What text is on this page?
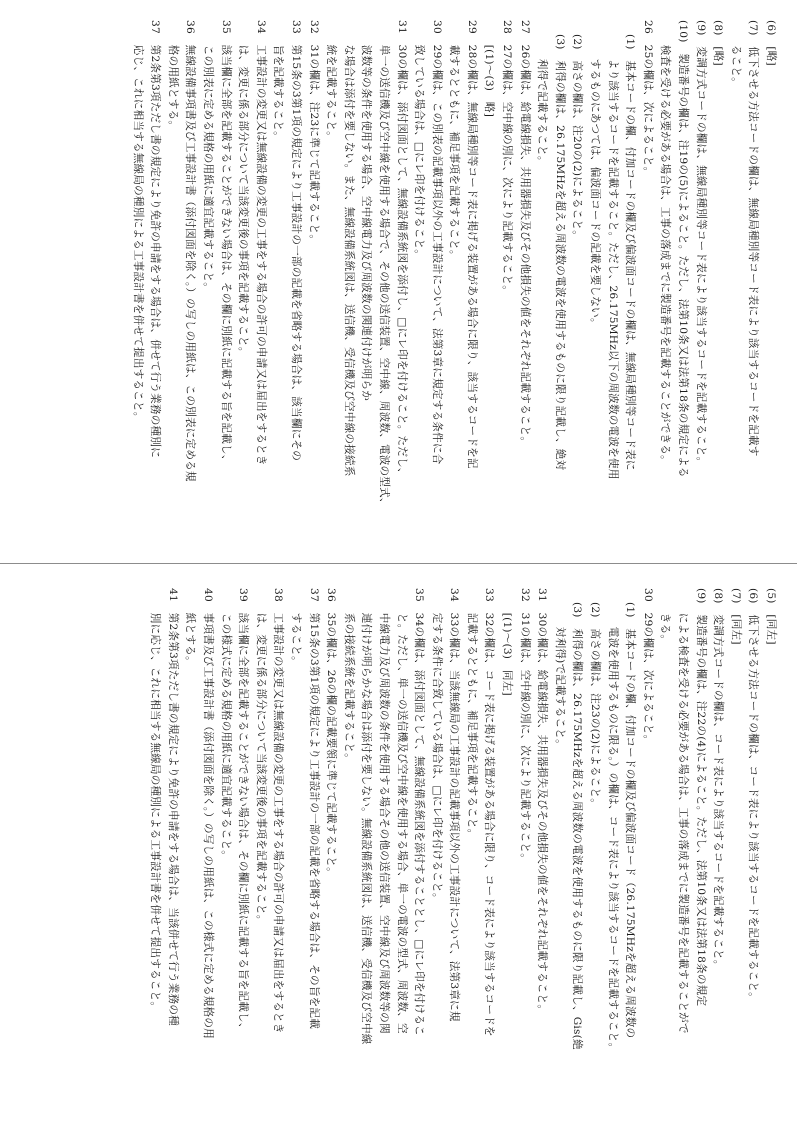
(6)　[略]
(7)　低下させる方法コードの欄は、無線局種別等コード表により該当するコードを記載す
　ること。
(8)　[略]
(9)　変調方式コードの欄は、無線局種別等コード表により該当するコードを記載すること。
(10)　製造番号の欄は、注19の(5)によること。ただし、法第10条又は法第18条の規定による
　検査を受ける必要がある場合は、工事の落成までに製造番号を記載することができる。
26　25の欄は、次によること。
(1)　基本コードの欄、付加コードの欄及び偏波面コードの欄は、無線局種別等コード表に
　より該当するコードを記載すること。ただし、26.175MHz以下の周波数の電波を使用
　するものにあつては、偏波面コードの記載を要しない。
(2)　高さの欄は、注20の(2)によること。
(3)　利得の欄は、26.175MHzを超える周波数の電波を使用するものに限り記載し、絶対
　利得で記載すること。
27　26の欄は、給電線損失、共用器損失及びその他損失の値をそれぞれ記載すること。
28　27の欄は、空中線の別に、次により記載すること。
　[(1)〜(3)　略]
29　28の欄は、無線局種別等コード表に掲げる装置がある場合に限り、該当するコードを記
　載するとともに、補足事項を記載すること。
30　29の欄は、この別表の記載事項以外の工事設計について、法第3章に規定する条件に合
　致している場合は、□にレ印を付けること。
31　30の欄は、添付図面として、無線設備系統図を添付し、□にレ印を付けること。ただし、
　単一の送信機及び空中線を使用する場合で、その他の送信装置、空中線、周波数、電波の型式、
　波数等の条件を使用する場合、空中線電力及び周波数の関連付けが明らか
　な場合は添付を要しない。また、無線設備系統図は、送信機、受信機及び空中線の接続系
　統を記載すること。
32　31の欄は、注23に準じて記載すること。
33　第15条の3第1項の規定により工事設計の一部の記載を省略する場合は、該当欄にその
　旨を記載すること。
34　工事設計の変更又は無線設備の変更の工事をする場合の許可の申請又は届出をするとき
　は、変更に係る部分について当該変更後の事項を記載すること。
35　該当欄に全部を記載することができない場合は、その欄に別紙に記載する旨を記載し、
　この別表に定める規格の用紙に適宜記載すること。
36　無線設備事項書及び工事設計書（添付図面を除く。）の写しの用紙は、この別表に定める規
　格の用紙とする。
37　第2条第3項ただし書の規定により免許の申請をする場合は、併せて行う業務の種別に
　応じ、これに相当する無線局の種別による工事設計書を併せて提出すること。
(5)　[同左]
(6)　低下させる方法コードの欄は、コード表により該当するコードを記載すること。
(7)　[同左]
(8)　変調方式コードの欄は、コード表により該当するコードを記載すること。
(9)　製造番号の欄は、注22の(4)によること。ただし、法第10条又は法第18条の規定
　による検査を受ける必要がある場合は、工事の落成までに製造番号を記載することがで
　きる。
30　29の欄は、次によること。
(1)　基本コードの欄、付加コードの欄及び偏波面コード（26.175MHzを超える周波数の
　電波を使用するものに限る。）の欄は、コード表により該当するコードを記載すること。
(2)　高さの欄は、注23の(2)によること。
(3)　利得の欄は、26.175MHzを超える周波数の電波を使用するものに限り記載し、Gis(絶
　対利得)で記載すること。
31　30の欄は、給電線損失、共用器損失及びその他損失の値をそれぞれ記載すること。
32　31の欄は、空中線の別に、次により記載すること。
　[(1)〜(3)　同左]
33　32の欄は、コード表に掲げる装置がある場合に限り、コード表により該当するコードを
　記載するとともに、補足事項を記載すること。
34　33の欄は、当該無線局の工事設計の記載事項以外の工事設計について、法第3章に規
　定する条件に合致している場合は、□にレ印を付けること。
35　34の欄は、添付図面として、無線設備系統図を添付することとし、□にレ印を付けるこ
　と。ただし、単一の送信機及び空中線を使用する場合、単一の電波の型式、周波数、空
　中線電力及び周波数の条件を使用する場合その他の送信装置、空中線及び周波数等の関
　連付けが明らかな場合は添付を要しない。無線設備系統図は、送信機、受信機及び空中線
　系の接続系統を記載すること。
36　35の欄は、26の欄の記載要領に準じて記載すること。
37　第15条の3第1項の規定により工事設計の一部の記載を省略する場合は、その旨を記載
　すること。
38　工事設計の変更又は無線設備の変更の工事をする場合の許可の申請又は届出をするとき
　は、変更に係る部分について当該変更後の事項を記載すること。
39　該当欄に全部を記載することができない場合は、その欄に別紙に記載する旨を記載し、
　この様式に定める規格の用紙に適宜記載すること。
40　事項書及び工事設計書（添付図面を除く。）の写しの用紙は、この様式に定める規格の用
　紙とする。
41　第2条第3項ただし書の規定により免許の申請をする場合は、当該併せて行う業務の種
　別に応じ、これに相当する無線局の種別による工事設計書を併せて提出すること。
